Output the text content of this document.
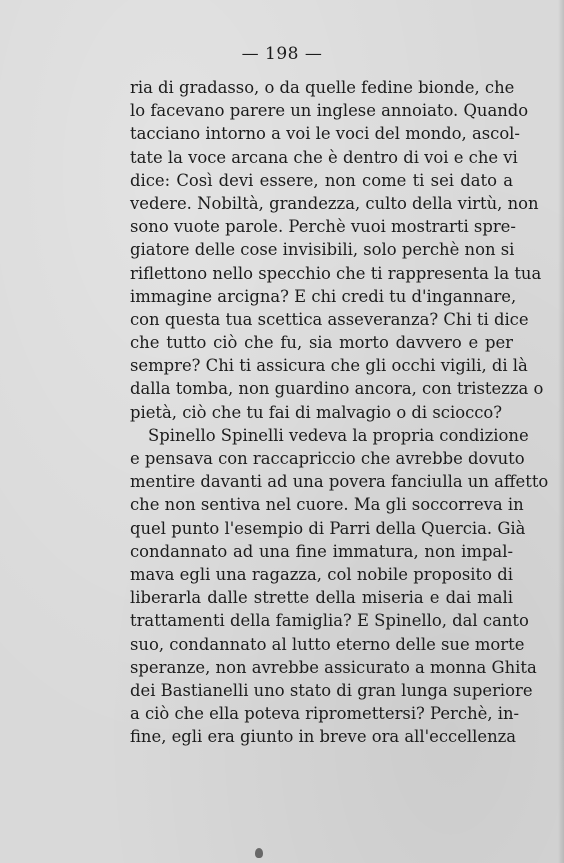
— 198 —
ria di gradasso, o da quelle fedine bionde, che
lo facevano parere un inglese annoiato. Quando
tacciano intorno a voi le voci del mondo, ascol-
tate la voce arcana che è dentro di voi e che vi
dice: Così devi essere, non come ti sei dato a
vedere. Nobiltà, grandezza, culto della virtù, non
sono vuote parole. Perchè vuoi mostrarti spre-
giatore delle cose invisibili, solo perchè non si
riflettono nello specchio che ti rappresenta la tua
immagine arcigna? E chi credi tu d'ingannare,
con questa tua scettica asseveranza? Chi ti dice
che tutto ciò che fu, sia morto davvero e per
sempre? Chi ti assicura che gli occhi vigili, di là
dalla tomba, non guardino ancora, con tristezza o
pietà, ciò che tu fai di malvagio o di sciocco?
Spinello Spinelli vedeva la propria condizione
e pensava con raccapriccio che avrebbe dovuto
mentire davanti ad una povera fanciulla un affetto
che non sentiva nel cuore. Ma gli soccorreva in
quel punto l'esempio di Parri della Quercia. Già
condannato ad una fine immatura, non impal-
mava egli una ragazza, col nobile proposito di
liberarla dalle strette della miseria e dai mali
trattamenti della famiglia? E Spinello, dal canto
suo, condannato al lutto eterno delle sue morte
speranze, non avrebbe assicurato a monna Ghita
dei Bastianelli uno stato di gran lunga superiore
a ciò che ella poteva ripromettersi? Perchè, in-
fine, egli era giunto in breve ora all'eccellenza
